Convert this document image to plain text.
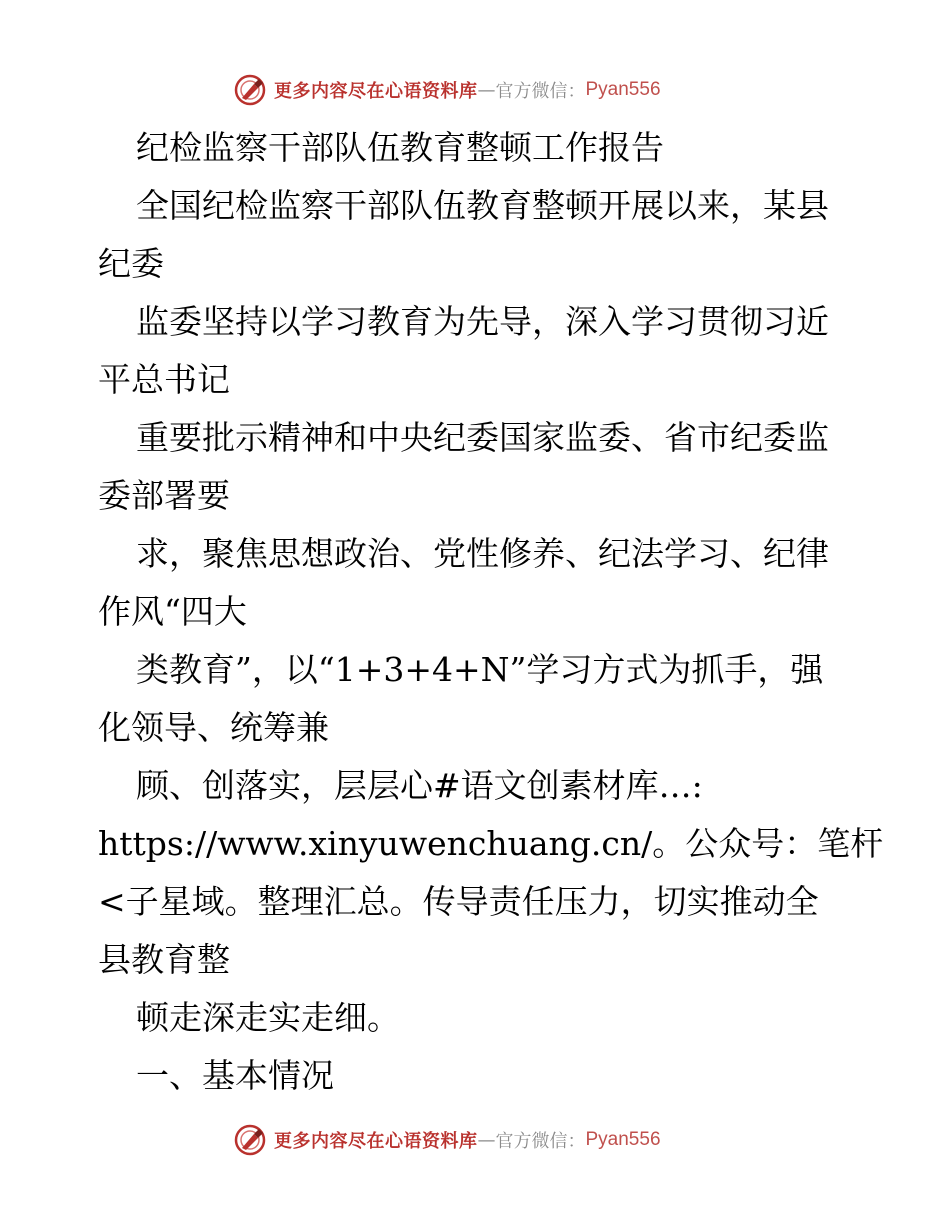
更多内容尽在心语资料库 — 官方微信： Pyan556
纪检监察干部队伍教育整顿工作报告
全国纪检监察干部队伍教育整顿开展以来，某县
纪委
监委坚持以学习教育为先导，深入学习贯彻习近
平总书记
重要批示精神和中央纪委国家监委、省市纪委监
委部署要
求，聚焦思想政治、党性修养、纪法学习、纪律
作风“四大
类教育”，以“1+3+4+N”学习方式为抓手，强
化领导、统筹兼
顾、创落实，层层心#语文创素材库…:
https://www.xinyuwenchuang.cn/。公众号：笔杆
<子星域。整理汇总。传导责任压力，切实推动全
县教育整
顿走深走实走细。
一、基本情况
更多内容尽在心语资料库 — 官方微信： Pyan556
